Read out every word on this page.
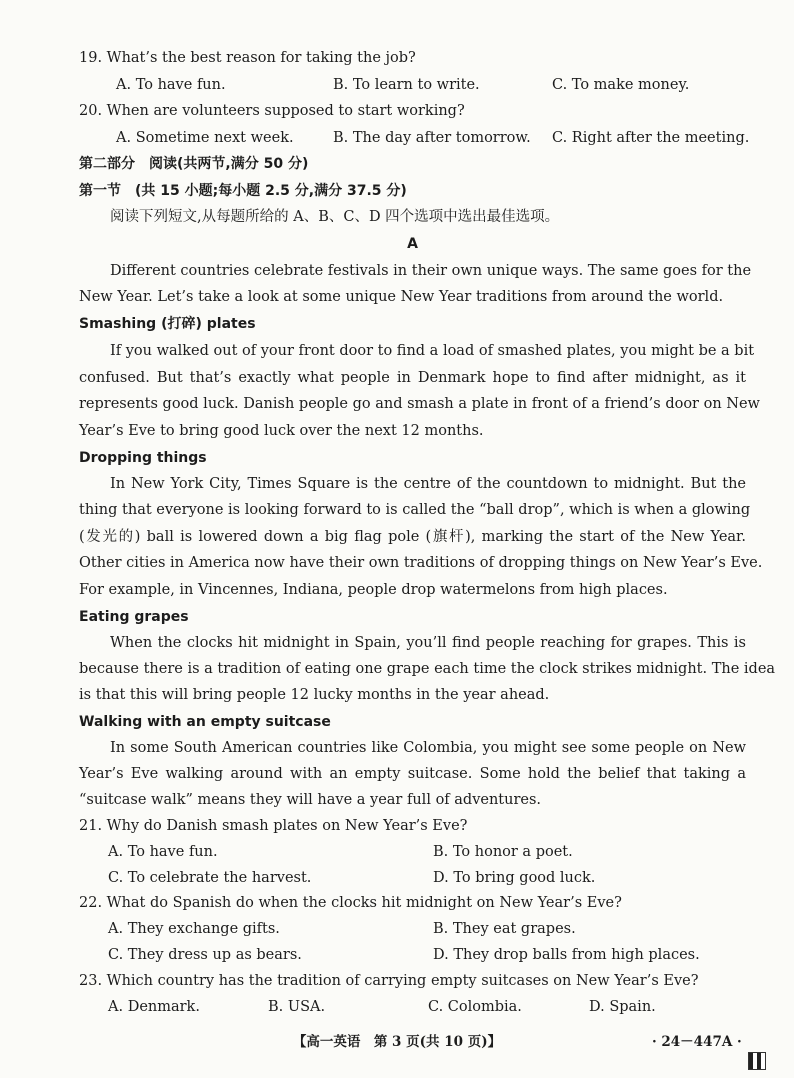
19. What’s the best reason for taking the job?
A. To have fun.	B. To learn to write.	C. To make money.
20. When are volunteers supposed to start working?
A. Sometime next week.	B. The day after tomorrow. C. Right after the meeting.
第二部分　阅读(共两节,满分 50 分)
第一节　(共 15 小题;每小题 2.5 分,满分 37.5 分)
阅读下列短文,从每题所给的 A、B、C、D 四个选项中选出最佳选项。
A
Different countries celebrate festivals in their own unique ways. The same goes for the
New Year. Let’s take a look at some unique New Year traditions from around the world.
Smashing (打碎) plates
If you walked out of your front door to find a load of smashed plates, you might be a bit
confused. But that’s exactly what people in Denmark hope to find after midnight, as it
represents good luck. Danish people go and smash a plate in front of a friend’s door on New
Year’s Eve to bring good luck over the next 12 months.
Dropping things
In New York City, Times Square is the centre of the countdown to midnight. But the
thing that everyone is looking forward to is called the “ball drop”, which is when a glowing
(发光的) ball is lowered down a big flag pole (旗杆), marking the start of the New Year.
Other cities in America now have their own traditions of dropping things on New Year’s Eve.
For example, in Vincennes, Indiana, people drop watermelons from high places.
Eating grapes
When the clocks hit midnight in Spain, you’ll find people reaching for grapes. This is
because there is a tradition of eating one grape each time the clock strikes midnight. The idea
is that this will bring people 12 lucky months in the year ahead.
Walking with an empty suitcase
In some South American countries like Colombia, you might see some people on New
Year’s Eve walking around with an empty suitcase. Some hold the belief that taking a
“suitcase walk” means they will have a year full of adventures.
21. Why do Danish smash plates on New Year’s Eve?
A. To have fun.	B. To honor a poet.
C. To celebrate the harvest.	D. To bring good luck.
22. What do Spanish do when the clocks hit midnight on New Year’s Eve?
A. They exchange gifts.	B. They eat grapes.
C. They dress up as bears.	D. They drop balls from high places.
23. Which country has the tradition of carrying empty suitcases on New Year’s Eve?
A. Denmark.	B. USA.	C. Colombia.	D. Spain.
【高一英语　第 3 页(共 10 页)】	· 24－447A ·
